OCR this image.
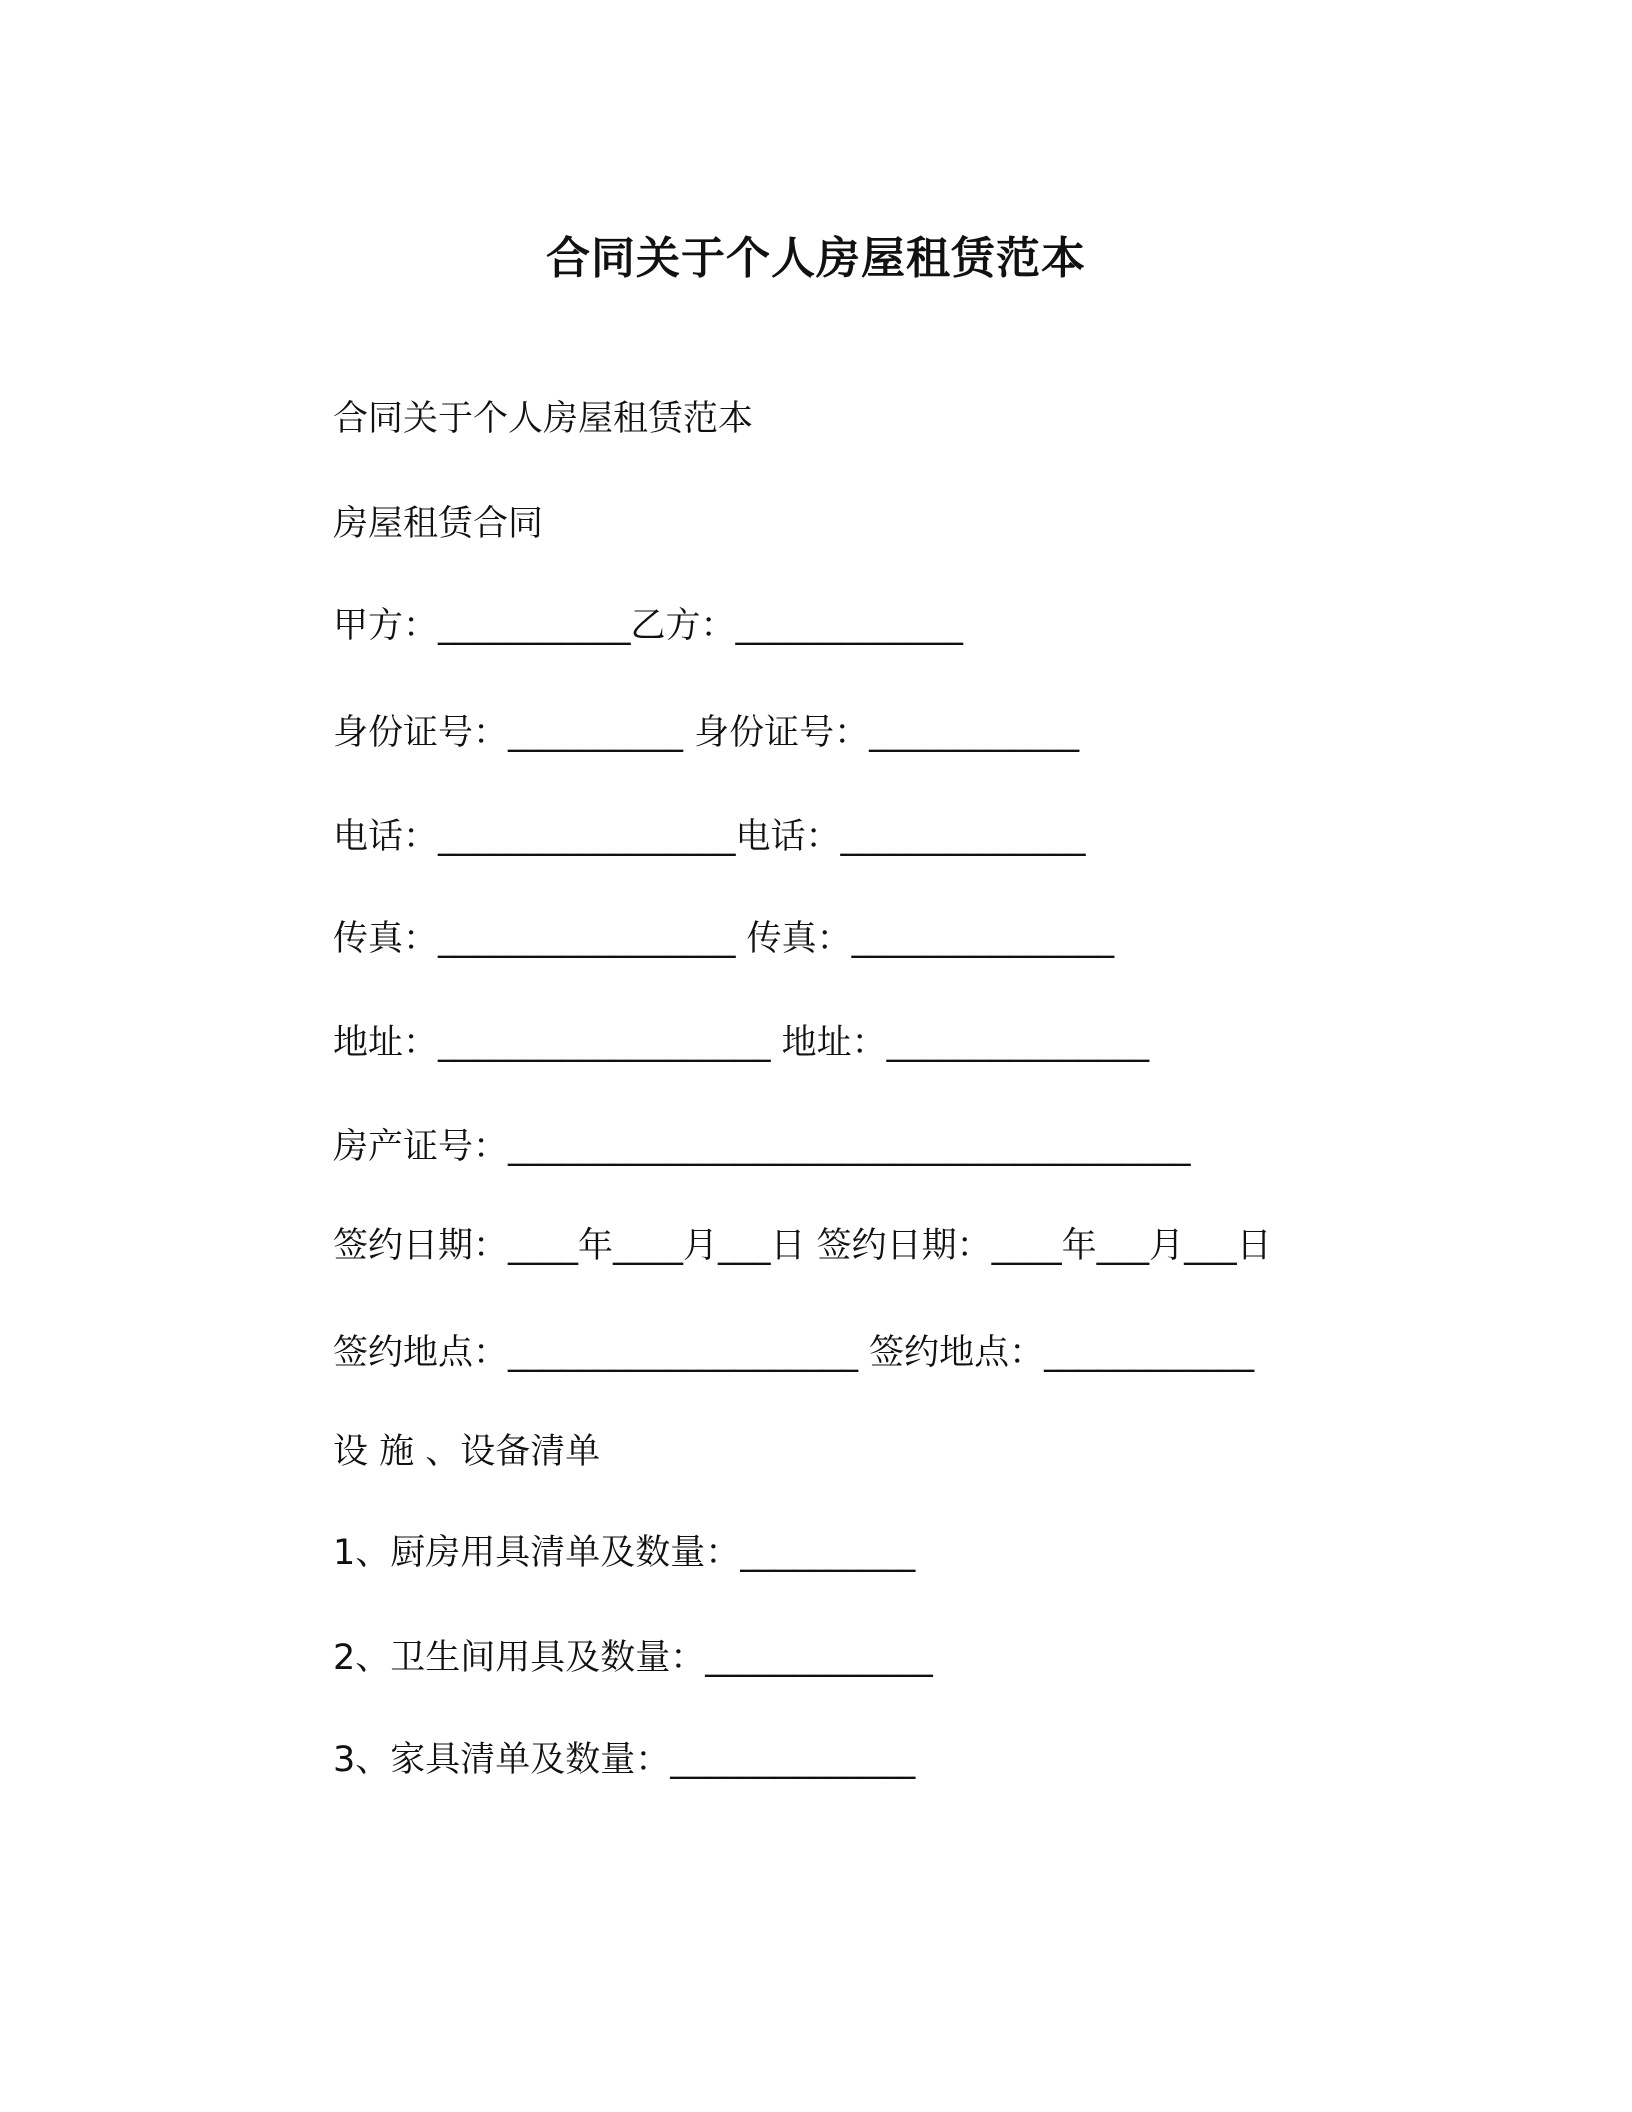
合同关于个人房屋租赁范本
合同关于个人房屋租赁范本
房屋租赁合同
甲方：___________乙方：_____________
身份证号：__________ 身份证号：____________
电话：_________________电话：______________
传真：_________________ 传真：_______________
地址：___________________ 地址：_______________
房产证号：_______________________________________
签约日期：____年____月___日 签约日期：____年___月___日
签约地点：____________________ 签约地点：____________
设 施 、设备清单
1、厨房用具清单及数量：__________
2、卫生间用具及数量：_____________
3、家具清单及数量：______________
